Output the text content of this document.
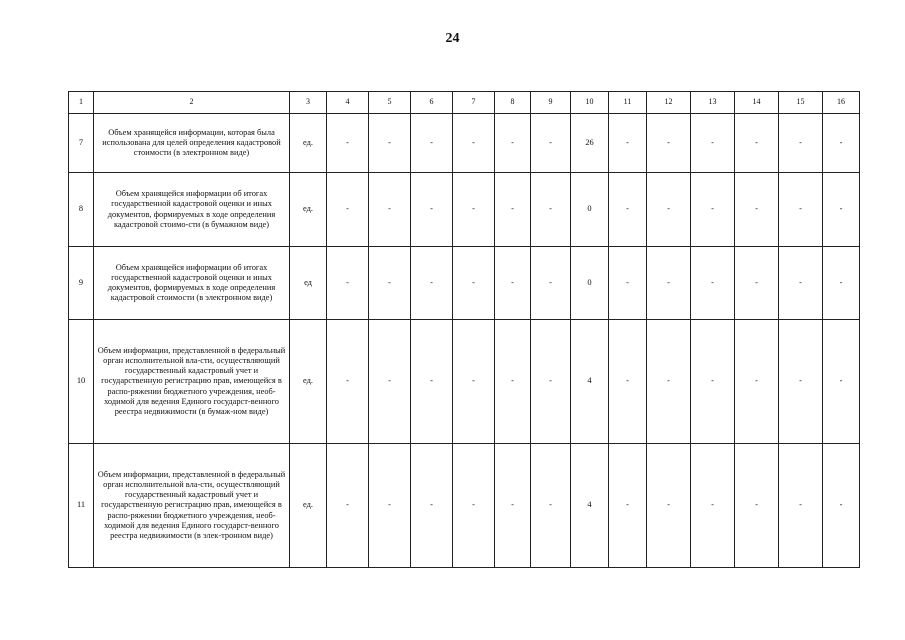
24
1	2	3	4	5	6	7	8	9	10	11	12	13	14	15	16
7	Объем хранящейся информации, которая была использована для целей определения кадастровой стоимости (в электронном виде)	ед.	-	-	-	-	-	-	26	-	-	-	-	-	-
8	Объем хранящейся информации об итогах государственной кадастровой оценки и иных документов, формируемых в ходе определения кадастровой стоимо-сти (в бумажном виде)	ед.	-	-	-	-	-	-	0	-	-	-	-	-	-
9	Объем хранящейся информации об итогах государственной кадастровой оценки и иных документов, формируемых в ходе определения кадастровой стоимости (в электронном виде)	ед	-	-	-	-	-	-	0	-	-	-	-	-	-
10	Объем информации, представленной в федеральный орган исполнительной вла-сти, осуществляющий государственный кадастровый учет и государственную регистрацию прав, имеющейся в распо-ряжении бюджетного учреждения, необ-ходимой для ведения Единого государст-венного реестра недвижимости (в бумаж-ном виде)	ед.	-	-	-	-	-	-	4	-	-	-	-	-	-
11	Объем информации, представленной в федеральный орган исполнительной вла-сти, осуществляющий государственный кадастровый учет и государственную регистрацию прав, имеющейся в распо-ряжении бюджетного учреждения, необ-ходимой для ведения Единого государст-венного реестра недвижимости (в элек-тронном виде)	ед.	-	-	-	-	-	-	4	-	-	-	-	-	-
